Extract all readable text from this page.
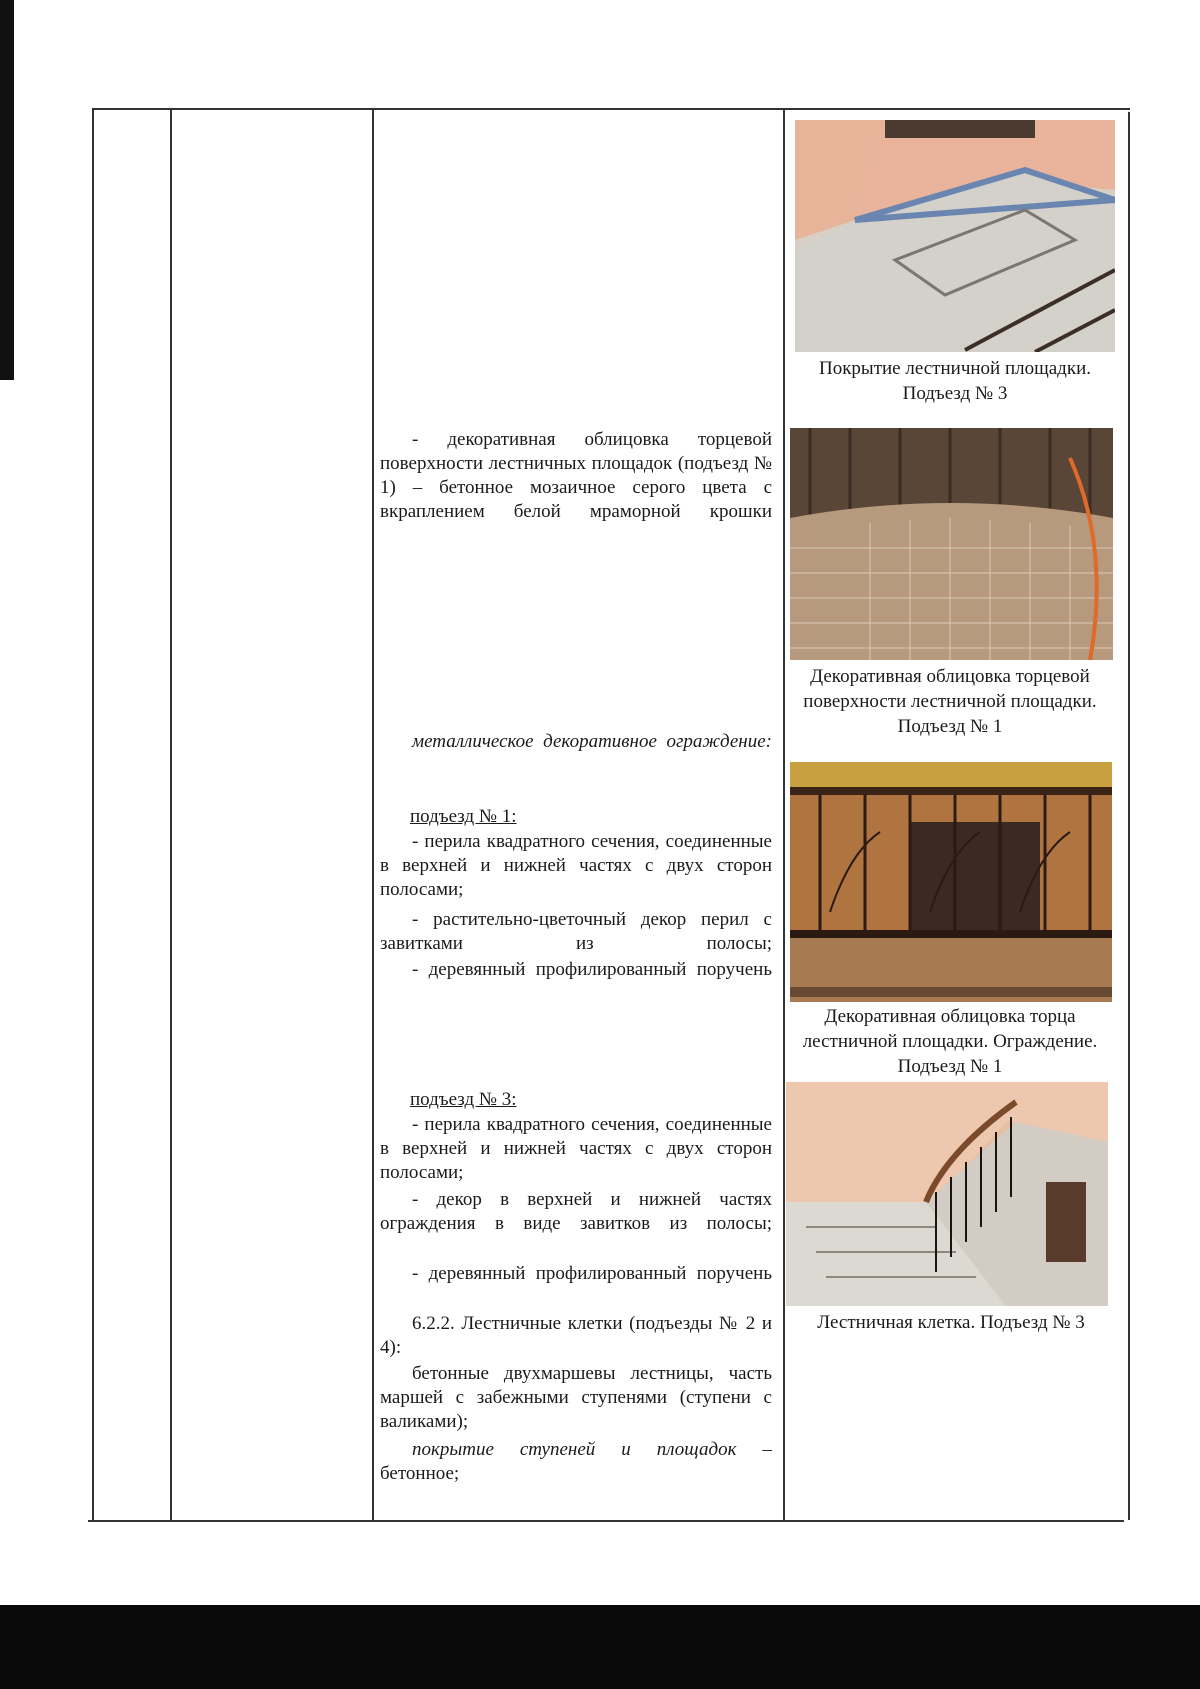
- декоративная облицовка торцевой поверхности лестничных площадок (подъезд № 1) – бетонное мозаичное серого цвета с вкраплением белой мраморной крошки
металлическое декоративное ограждение:
подъезд № 1:
- перила квадратного сечения, соединенные в верхней и нижней частях с двух сторон полосами;
- растительно-цветочный декор перил с завитками из полосы;
- деревянный профилированный поручень
подъезд № 3:
- перила квадратного сечения, соединенные в верхней и нижней частях с двух сторон полосами;
- декор в верхней и нижней частях ограждения в виде завитков из полосы;
- деревянный профилированный поручень
6.2.2. Лестничные клетки (подъезды № 2 и 4):
бетонные двухмаршевы лестницы, часть маршей с забежными ступенями (ступени с валиками);
покрытие ступеней и площадок –
бетонное;
Покрытие лестничной площадки. Подъезд № 3
Декоративная облицовка торцевой поверхности лестничной площадки. Подъезд № 1
Декоративная облицовка торца лестничной площадки. Ограждение. Подъезд № 1
Лестничная клетка. Подъезд № 3
